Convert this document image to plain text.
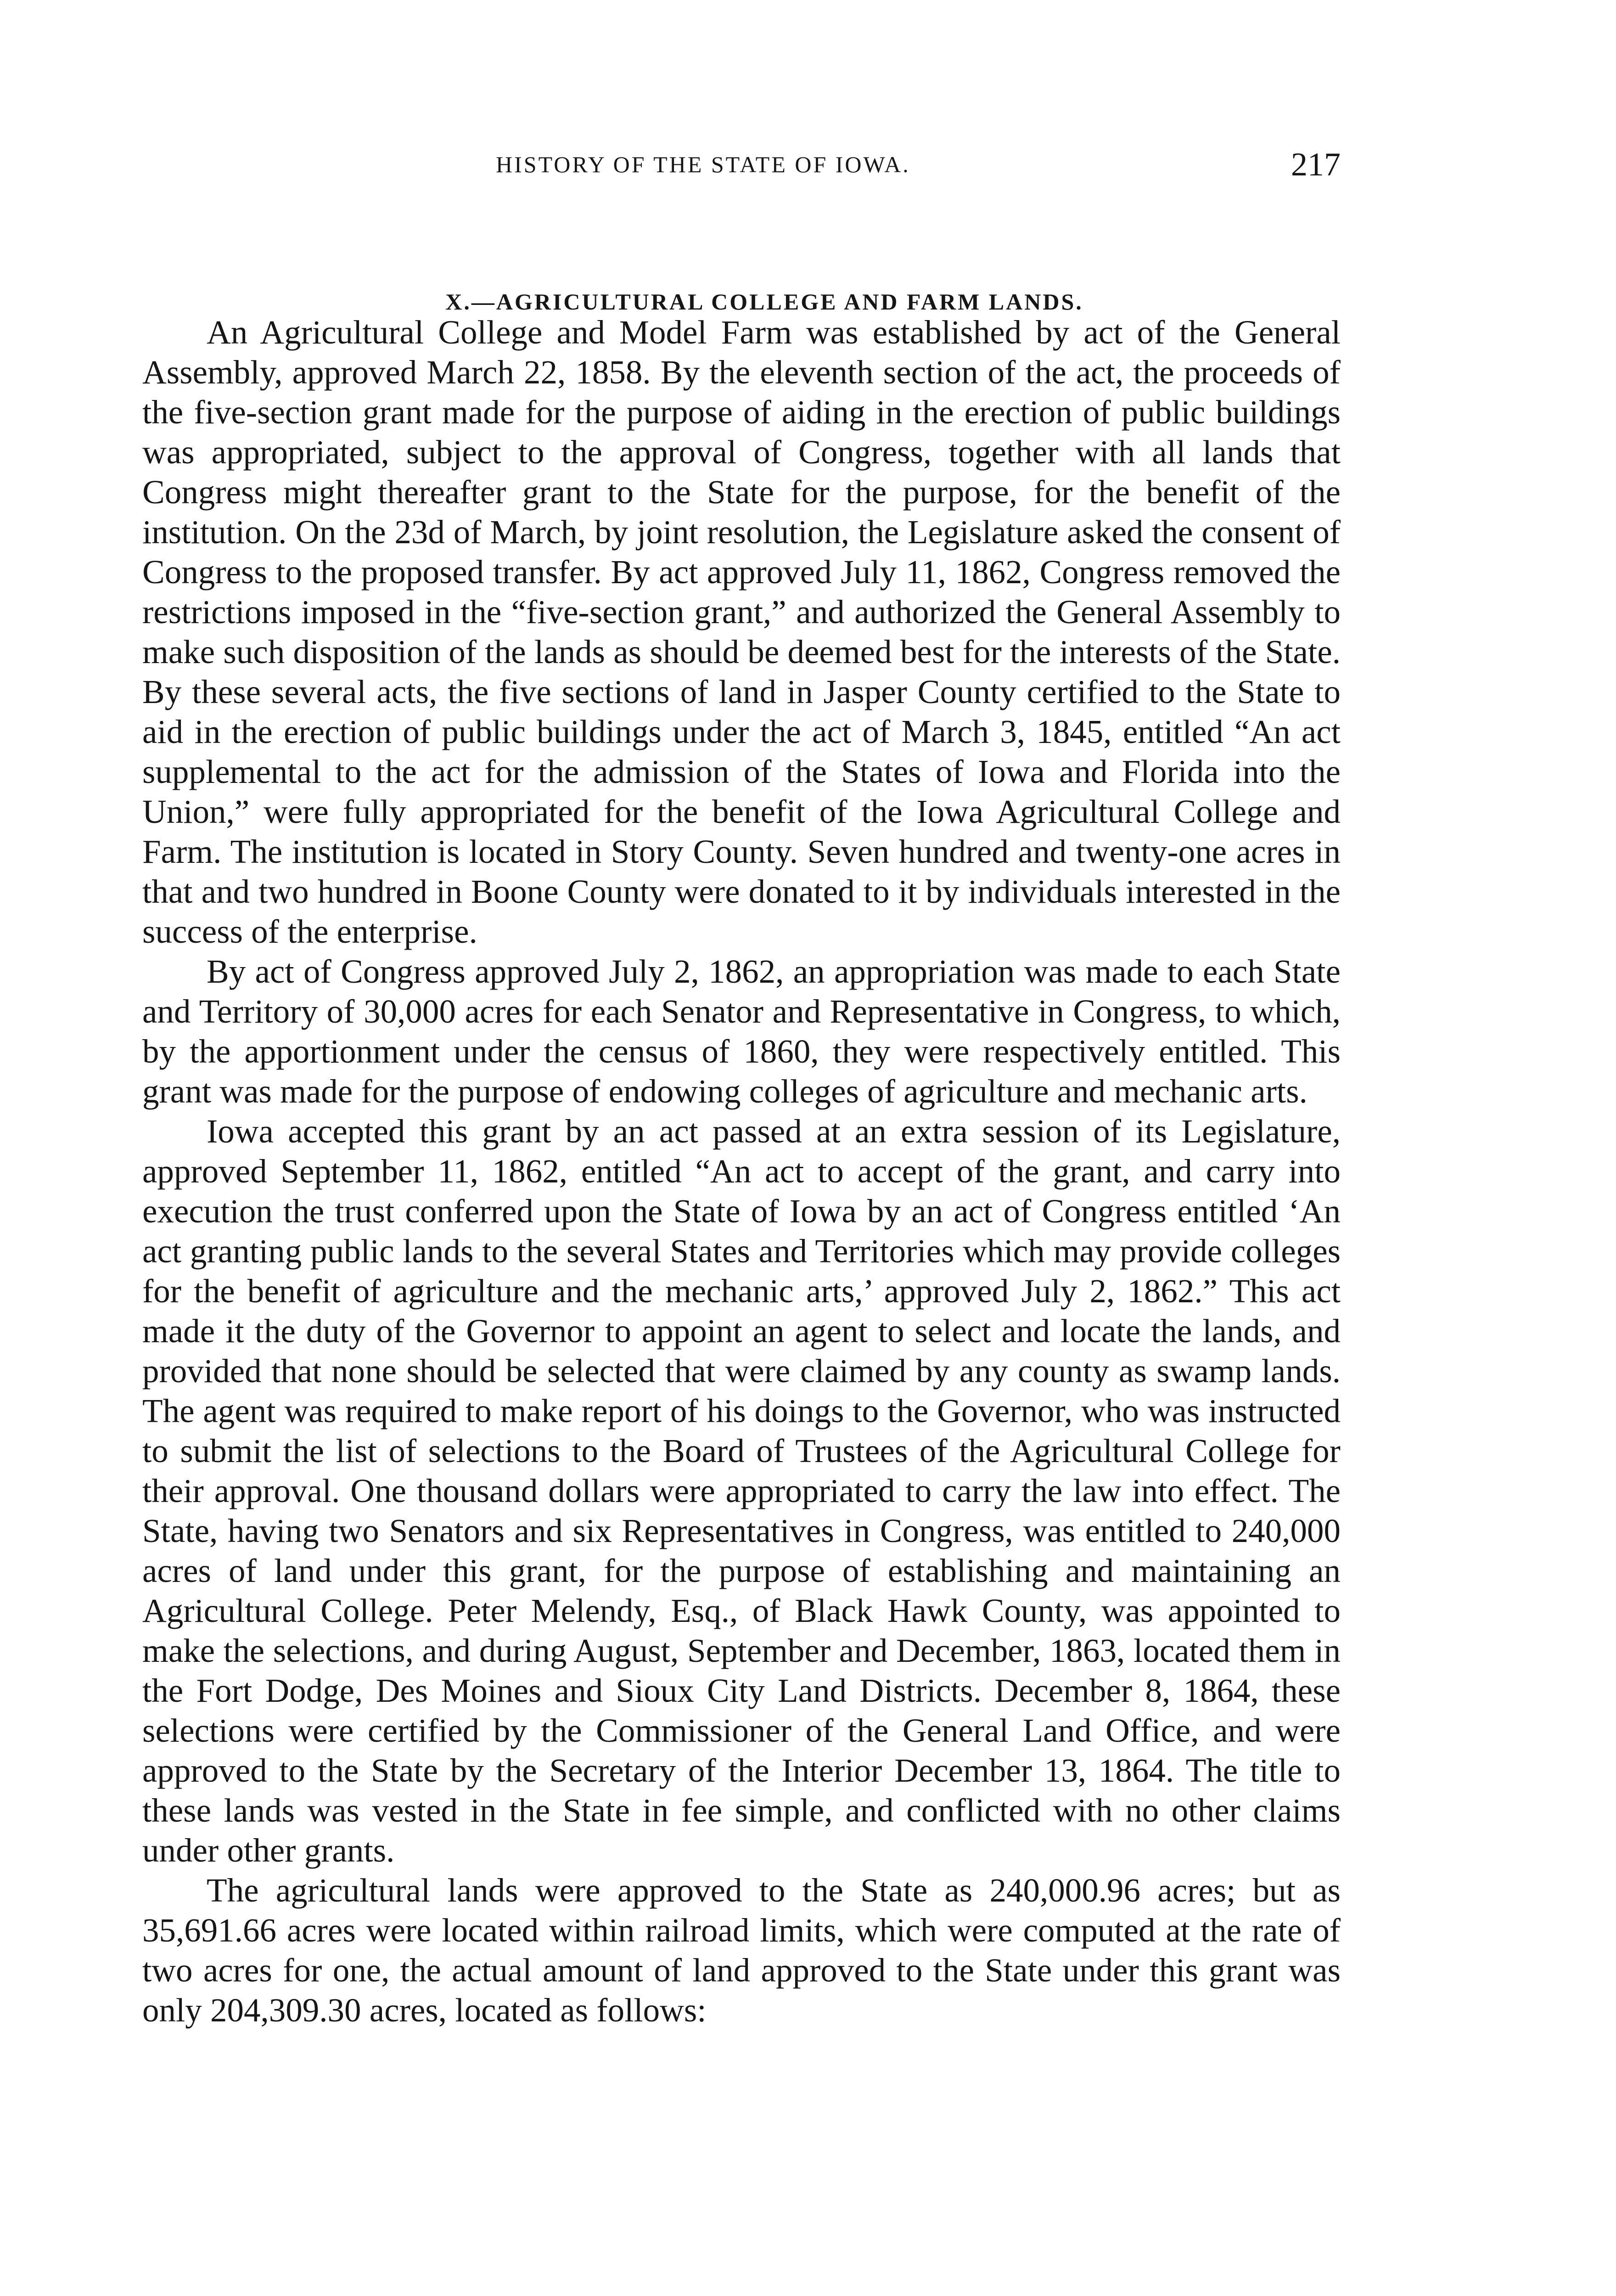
HISTORY OF THE STATE OF IOWA.	217
X.—AGRICULTURAL COLLEGE AND FARM LANDS.

An Agricultural College and Model Farm was established by act of the General Assembly, approved March 22, 1858. By the eleventh section of the act, the proceeds of the five-section grant made for the purpose of aiding in the erection of public buildings was appropriated, subject to the approval of Congress, together with all lands that Congress might thereafter grant to the State for the purpose, for the benefit of the institution. On the 23d of March, by joint resolution, the Legislature asked the consent of Congress to the proposed transfer. By act approved July 11, 1862, Congress removed the restrictions imposed in the “five-section grant,” and authorized the General Assembly to make such disposition of the lands as should be deemed best for the interests of the State. By these several acts, the five sections of land in Jasper County certified to the State to aid in the erection of public buildings under the act of March 3, 1845, entitled “An act supplemental to the act for the admission of the States of Iowa and Florida into the Union,” were fully appropriated for the benefit of the Iowa Agricultural College and Farm. The institution is located in Story County. Seven hundred and twenty-one acres in that and two hundred in Boone County were donated to it by individuals interested in the success of the enterprise.

By act of Congress approved July 2, 1862, an appropriation was made to each State and Territory of 30,000 acres for each Senator and Representative in Congress, to which, by the apportionment under the census of 1860, they were respectively entitled. This grant was made for the purpose of endowing colleges of agriculture and mechanic arts.

Iowa accepted this grant by an act passed at an extra session of its Legislature, approved September 11, 1862, entitled “An act to accept of the grant, and carry into execution the trust conferred upon the State of Iowa by an act of Congress entitled ‘An act granting public lands to the several States and Territories which may provide colleges for the benefit of agriculture and the mechanic arts,’ approved July 2, 1862.” This act made it the duty of the Governor to appoint an agent to select and locate the lands, and provided that none should be selected that were claimed by any county as swamp lands. The agent was required to make report of his doings to the Governor, who was instructed to submit the list of selections to the Board of Trustees of the Agricultural College for their approval. One thousand dollars were appropriated to carry the law into effect. The State, having two Senators and six Representatives in Congress, was entitled to 240,000 acres of land under this grant, for the purpose of establishing and maintaining an Agricultural College. Peter Melendy, Esq., of Black Hawk County, was appointed to make the selections, and during August, September and December, 1863, located them in the Fort Dodge, Des Moines and Sioux City Land Districts. December 8, 1864, these selections were certified by the Commissioner of the General Land Office, and were approved to the State by the Secretary of the Interior December 13, 1864. The title to these lands was vested in the State in fee simple, and conflicted with no other claims under other grants.

The agricultural lands were approved to the State as 240,000.96 acres; but as 35,691.66 acres were located within railroad limits, which were computed at the rate of two acres for one, the actual amount of land approved to the State under this grant was only 204,309.30 acres, located as follows:
